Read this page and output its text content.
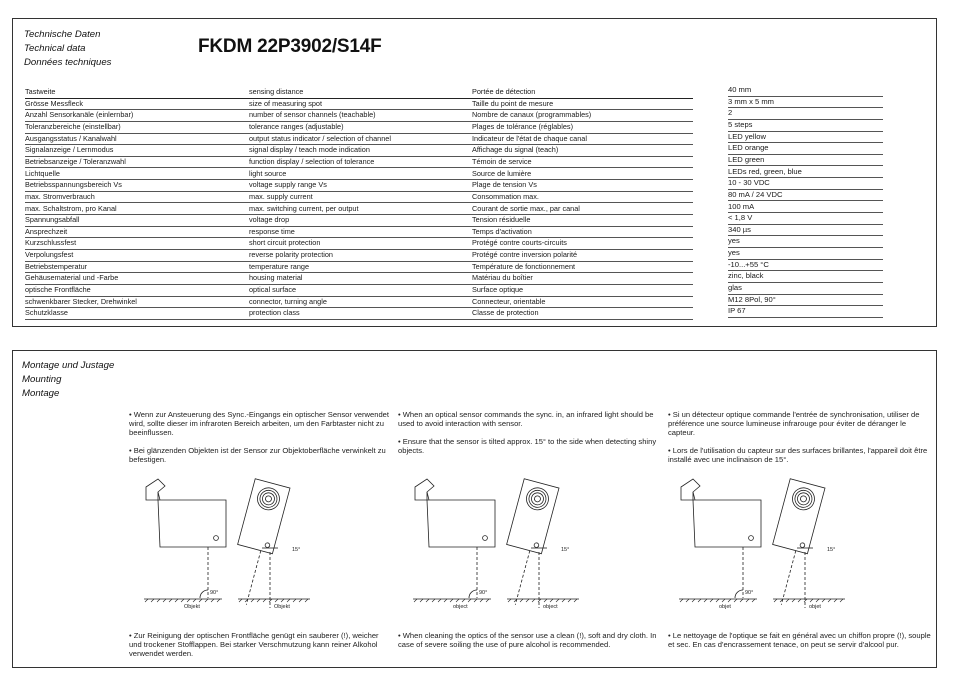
Technische Daten
Technical data
Données techniques
FKDM 22P3902/S14F
Tastweite	sensing distance	Portée de détection	40 mm
Grösse Messfleck	size of measuring spot	Taille du point de mesure	3 mm x 5 mm
Anzahl Sensorkanäle (einlernbar)	number of sensor channels (teachable)	Nombre de canaux (programmables)	2
Toleranzbereiche (einstellbar)	tolerance ranges (adjustable)	Plages de tolérance (réglables)	5 steps
Ausgangsstatus / Kanalwahl	output status indicator / selection of channel	Indicateur de l'état de chaque canal	LED yellow
Signalanzeige / Lernmodus	signal display / teach mode indication	Affichage du signal (teach)	LED orange
Betriebsanzeige / Toleranzwahl	function display / selection of tolerance	Témoin de service	LED green
Lichtquelle	light source	Source de lumière	LEDs red, green, blue
Betriebsspannungsbereich Vs	voltage supply range Vs	Plage de tension Vs	10 - 30 VDC
max. Stromverbrauch	max. supply current	Consommation max.	80 mA / 24 VDC
max. Schaltstrom, pro Kanal	max. switching current, per output	Courant de sortie max., par canal	100 mA
Spannungsabfall	voltage drop	Tension résiduelle	< 1,8 V
Ansprechzeit	response time	Temps d'activation	340 µs
Kurzschlussfest	short circuit protection	Protégé contre courts-circuits	yes
Verpolungsfest	reverse polarity protection	Protégé contre inversion polarité	yes
Betriebstemperatur	temperature range	Température de fonctionnement	-10...+55 °C
Gehäusematerial und -Farbe	housing material	Matériau du boîtier	zinc, black
optische Frontfläche	optical surface	Surface optique	glas
schwenkbarer Stecker, Drehwinkel	connector, turning angle	Connecteur, orientable	M12 8Pol, 90°
Schutzklasse	protection class	Classe de protection	IP 67
Montage und Justage
Mounting
Montage

• Wenn zur Ansteuerung des Sync.-Eingangs ein optischer Sensor verwendet wird, sollte dieser im infraroten Bereich arbeiten, um den Farbtaster nicht zu beeinflussen.

• Bei glänzenden Objekten ist der Sensor zur Objektoberfläche verwinkelt zu befestigen.

• When an optical sensor commands the sync. in, an infrared light should be used to avoid interaction with sensor.

• Ensure that the sensor is tilted approx. 15° to the side when detecting shiny objects.

• Si un détecteur optique commande l'entrée de synchronisation, utiliser de préférence une source lumineuse infrarouge pour éviter de déranger le capteur.

• Lors de l'utilisation du capteur sur des surfaces brillantes, l'appareil doit être installé avec une inclinaison de 15°.

15°
90°
Objekt	Objekt
15°
90°
object	object
15°
90°
objet	objet
• Zur Reinigung der optischen Frontfläche genügt ein sauberer (!), weicher und trockener Stofflappen. Bei starker Verschmutzung kann reiner Alkohol verwendet werden.
• When cleaning the optics of the sensor use a clean (!), soft and dry cloth. In case of severe soiling the use of pure alcohol is recommended.
• Le nettoyage de l'optique se fait en général avec un chiffon propre (!), souple et sec. En cas d'encrassement tenace, on peut se servir d'alcool pur.
